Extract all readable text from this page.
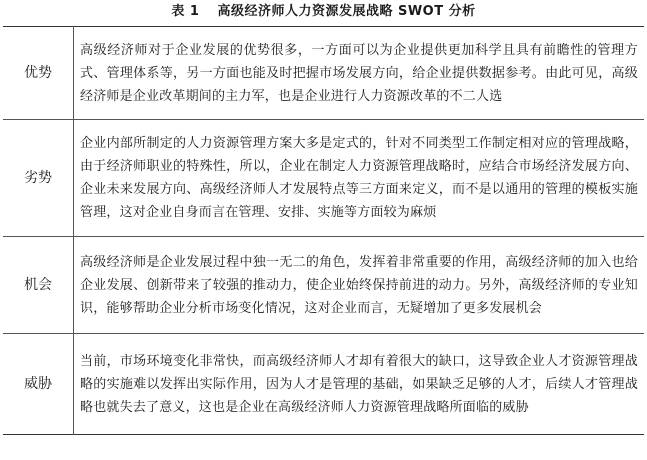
表 1 高级经济师人力资源发展战略 SWOT 分析
优势	高级经济师对于企业发展的优势很多，一方面可以为企业提供更加科学且具有前瞻性的管理方式、管理体系等，另一方面也能及时把握市场发展方向，给企业提供数据参考。由此可见，高级经济师是企业改革期间的主力军，也是企业进行人力资源改革的不二人选
劣势	企业内部所制定的人力资源管理方案大多是定式的，针对不同类型工作制定相对应的管理战略，由于经济师职业的特殊性，所以，企业在制定人力资源管理战略时，应结合市场经济发展方向、企业未来发展方向、高级经济师人才发展特点等三方面来定义，而不是以通用的管理的模板实施管理，这对企业自身而言在管理、安排、实施等方面较为麻烦
机会	高级经济师是企业发展过程中独一无二的角色，发挥着非常重要的作用，高级经济师的加入也给企业发展、创新带来了较强的推动力，使企业始终保持前进的动力。另外，高级经济师的专业知识，能够帮助企业分析市场变化情况，这对企业而言，无疑增加了更多发展机会
威胁	当前，市场环境变化非常快，而高级经济师人才却有着很大的缺口，这导致企业人才资源管理战略的实施难以发挥出实际作用，因为人才是管理的基础，如果缺乏足够的人才，后续人才管理战略也就失去了意义，这也是企业在高级经济师人力资源管理战略所面临的威胁
